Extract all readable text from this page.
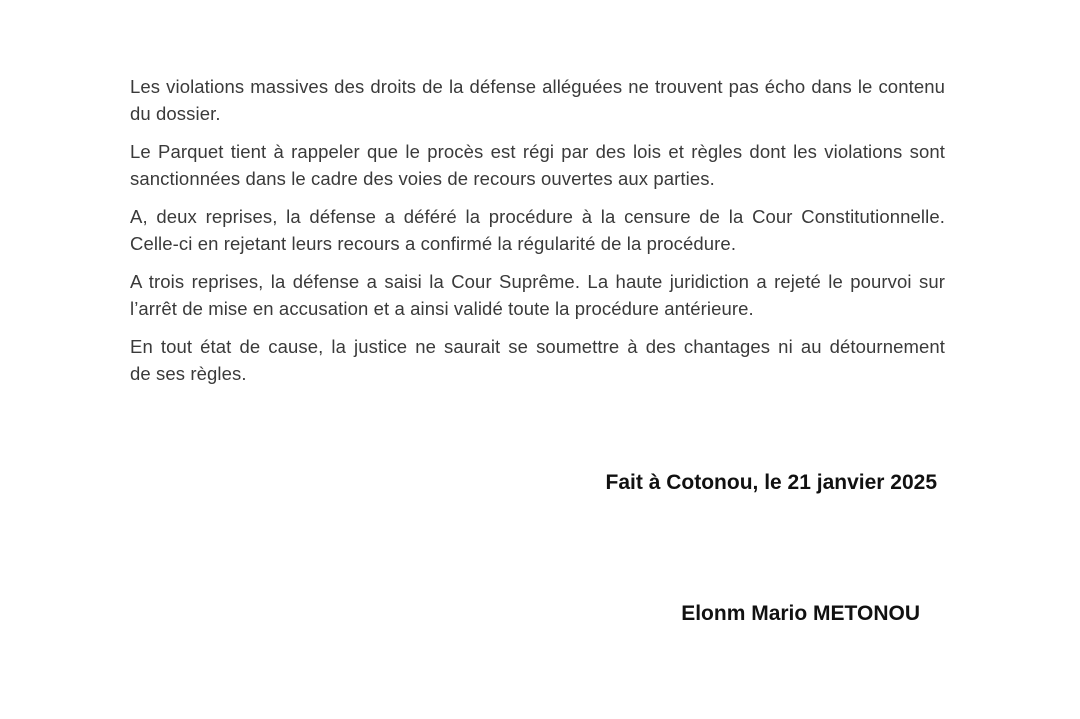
Les violations massives des droits de la défense alléguées ne trouvent pas écho dans le contenu
du dossier.

Le Parquet tient à rappeler que le procès est régi par des lois et règles dont les violations sont
sanctionnées dans le cadre des voies de recours ouvertes aux parties.

A, deux reprises, la défense a déféré la procédure à la censure de la Cour Constitutionnelle.
Celle-ci en rejetant leurs recours a confirmé la régularité de la procédure.

A trois reprises, la défense a saisi la Cour Suprême. La haute juridiction a rejeté le pourvoi sur
l’arrêt de mise en accusation et a ainsi validé toute la procédure antérieure.

En tout état de cause, la justice ne saurait se soumettre à des chantages ni au détournement
de ses règles.

Fait à Cotonou, le 21 janvier 2025
Elonm Mario METONOU
